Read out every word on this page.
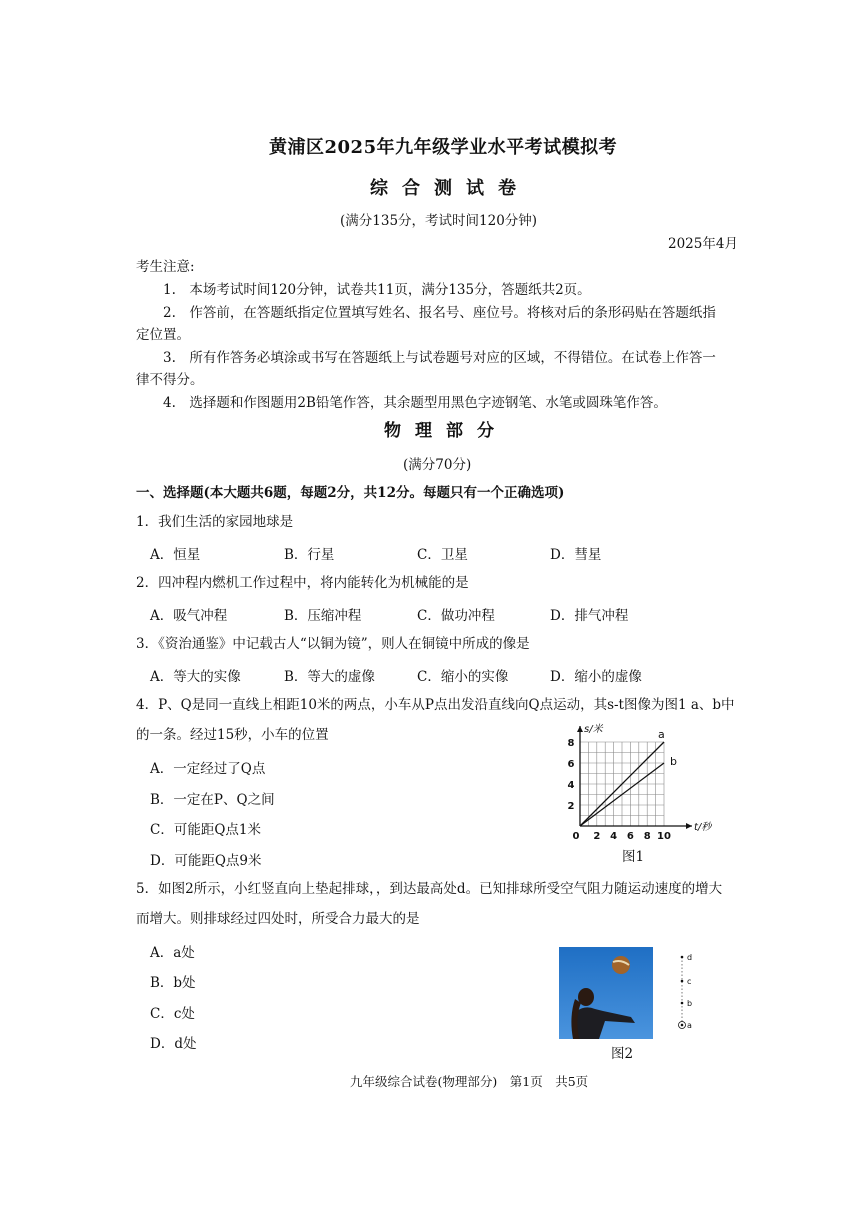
黄浦区2025年九年级学业水平考试模拟考
综合测试卷
(满分135分，考试时间120分钟)
2025年4月
考生注意:
1.　本场考试时间120分钟，试卷共11页，满分135分，答题纸共2页。
2.　作答前，在答题纸指定位置填写姓名、报名号、座位号。将核对后的条形码贴在答题纸指
定位置。
3.　所有作答务必填涂或书写在答题纸上与试卷题号对应的区域，不得错位。在试卷上作答一
律不得分。
4.　选择题和作图题用2B铅笔作答，其余题型用黑色字迹钢笔、水笔或圆珠笔作答。
物理部分
(满分70分)
一、选择题(本大题共6题，每题2分，共12分。每题只有一个正确选项)
1．我们生活的家园地球是
A．恒星	B．行星	C．卫星	D．彗星
2．四冲程内燃机工作过程中，将内能转化为机械能的是
A．吸气冲程	B．压缩冲程	C．做功冲程	D．排气冲程
3．《资治通鉴》中记载古人“以铜为镜”，则人在铜镜中所成的像是
A．等大的实像	B．等大的虚像	C．缩小的实像	D．缩小的虚像
4．P、Q是同一直线上相距10米的两点，小车从P点出发沿直线向Q点运动，其s-t图像为图1 a、b中
的一条。经过15秒，小车的位置
A．一定经过了Q点
B．一定在P、Q之间
C．可能距Q点1米
D．可能距Q点9米
2 4 6 8 10
2
4
6
8
0
s/米
t/秒
a
b
图1
5．如图2所示，小红竖直向上垫起排球，，到达最高处d。已知排球所受空气阻力随运动速度的增大
而增大。则排球经过四处时，所受合力最大的是
A．a处
B．b处
C．c处
D．d处
d
c
b
a
图2
九年级综合试卷(物理部分)　第1页　共5页
